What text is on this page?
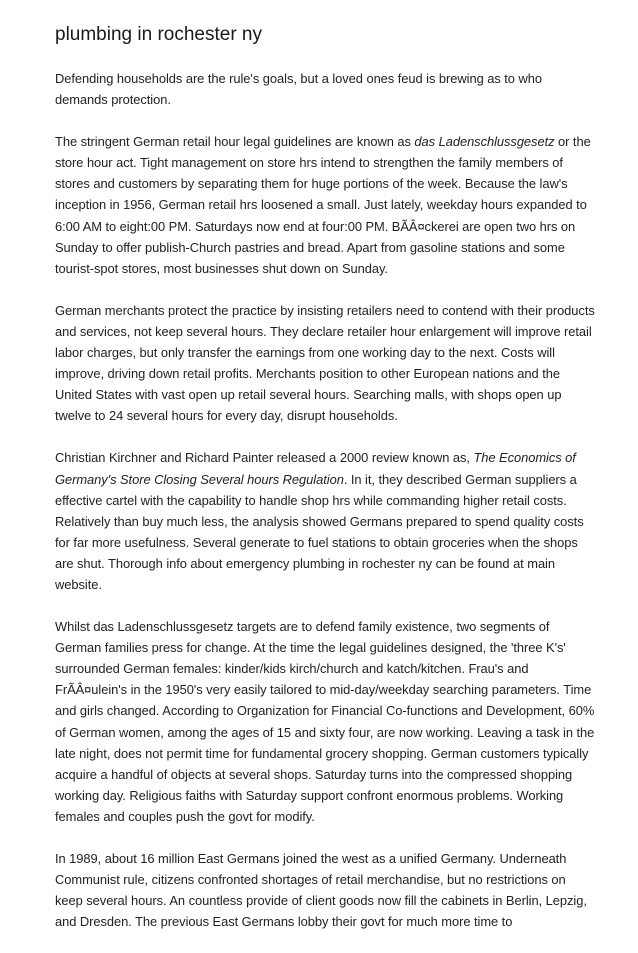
plumbing in rochester ny

Defending households are the rule's goals, but a loved ones feud is brewing as to who demands protection.

The stringent German retail hour legal guidelines are known as das Ladenschlussgesetz or the store hour act. Tight management on store hrs intend to strengthen the family members of stores and customers by separating them for huge portions of the week. Because the law's inception in 1956, German retail hrs loosened a small. Just lately, weekday hours expanded to 6:00 AM to eight:00 PM. Saturdays now end at four:00 PM. BÃÂ¤ckerei are open two hrs on Sunday to offer publish-Church pastries and bread. Apart from gasoline stations and some tourist-spot stores, most businesses shut down on Sunday.

German merchants protect the practice by insisting retailers need to contend with their products and services, not keep several hours. They declare retailer hour enlargement will improve retail labor charges, but only transfer the earnings from one working day to the next. Costs will improve, driving down retail profits. Merchants position to other European nations and the United States with vast open up retail several hours. Searching malls, with shops open up twelve to 24 several hours for every day, disrupt households.

Christian Kirchner and Richard Painter released a 2000 review known as, The Economics of Germany's Store Closing Several hours Regulation. In it, they described German suppliers a effective cartel with the capability to handle shop hrs while commanding higher retail costs. Relatively than buy much less, the analysis showed Germans prepared to spend quality costs for far more usefulness. Several generate to fuel stations to obtain groceries when the shops are shut. Thorough info about emergency plumbing in rochester ny can be found at main website.

Whilst das Ladenschlussgesetz targets are to defend family existence, two segments of German families press for change. At the time the legal guidelines designed, the 'three K's' surrounded German females: kinder/kids kirch/church and katch/kitchen. Frau's and FrÃÂ¤ulein's in the 1950's very easily tailored to mid-day/weekday searching parameters. Time and girls changed. According to Organization for Financial Co-functions and Development, 60% of German women, among the ages of 15 and sixty four, are now working. Leaving a task in the late night, does not permit time for fundamental grocery shopping. German customers typically acquire a handful of objects at several shops. Saturday turns into the compressed shopping working day. Religious faiths with Saturday support confront enormous problems. Working females and couples push the govt for modify.

In 1989, about 16 million East Germans joined the west as a unified Germany. Underneath Communist rule, citizens confronted shortages of retail merchandise, but no restrictions on keep several hours. An countless provide of client goods now fill the cabinets in Berlin, Lepzig, and Dresden. The previous East Germans lobby their govt for much more time to
